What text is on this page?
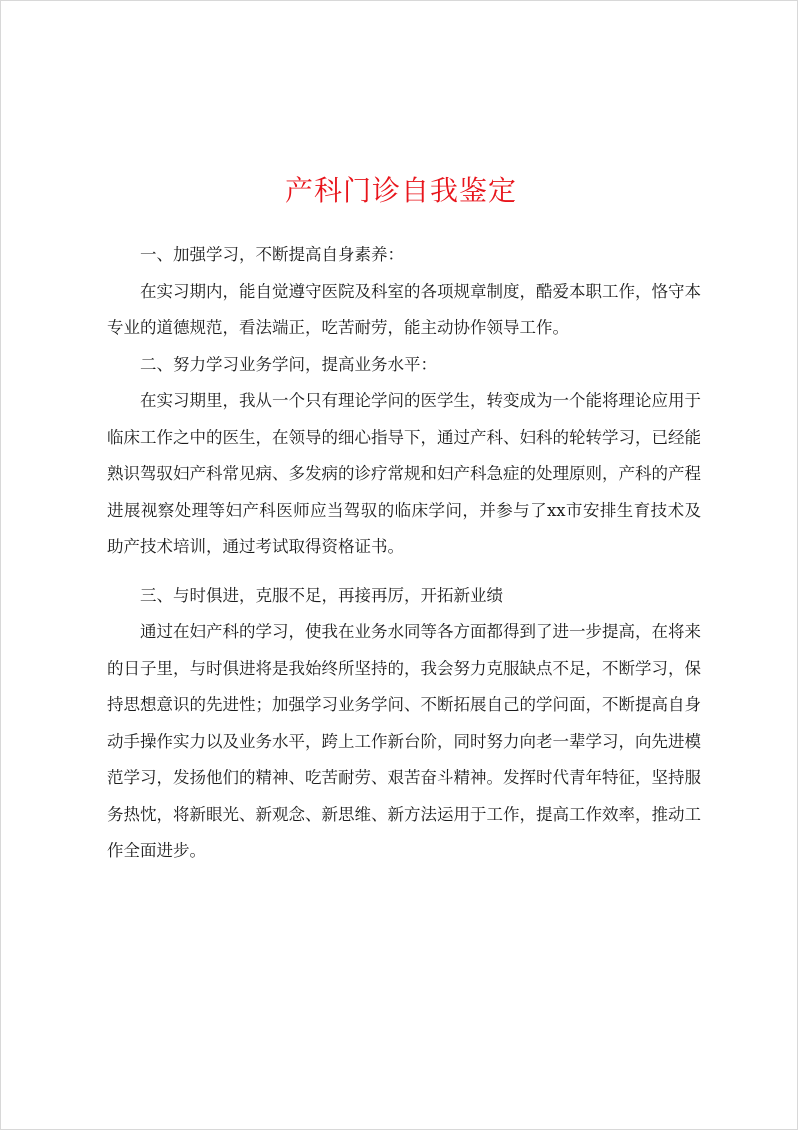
产科门诊自我鉴定

一、加强学习，不断提高自身素养：

在实习期内，能自觉遵守医院及科室的各项规章制度，酷爱本职工作，恪守本专业的道德规范，看法端正，吃苦耐劳，能主动协作领导工作。

二、努力学习业务学问，提高业务水平：

在实习期里，我从一个只有理论学问的医学生，转变成为一个能将理论应用于临床工作之中的医生，在领导的细心指导下，通过产科、妇科的轮转学习，已经能熟识驾驭妇产科常见病、多发病的诊疗常规和妇产科急症的处理原则，产科的产程进展视察处理等妇产科医师应当驾驭的临床学问，并参与了xx市安排生育技术及助产技术培训，通过考试取得资格证书。

三、与时俱进，克服不足，再接再厉，开拓新业绩

通过在妇产科的学习，使我在业务水同等各方面都得到了进一步提高，在将来的日子里，与时俱进将是我始终所坚持的，我会努力克服缺点不足，不断学习，保持思想意识的先进性；加强学习业务学问、不断拓展自己的学问面，不断提高自身动手操作实力以及业务水平，跨上工作新台阶，同时努力向老一辈学习，向先进模范学习，发扬他们的精神、吃苦耐劳、艰苦奋斗精神。发挥时代青年特征，坚持服务热忱，将新眼光、新观念、新思维、新方法运用于工作，提高工作效率，推动工作全面进步。
